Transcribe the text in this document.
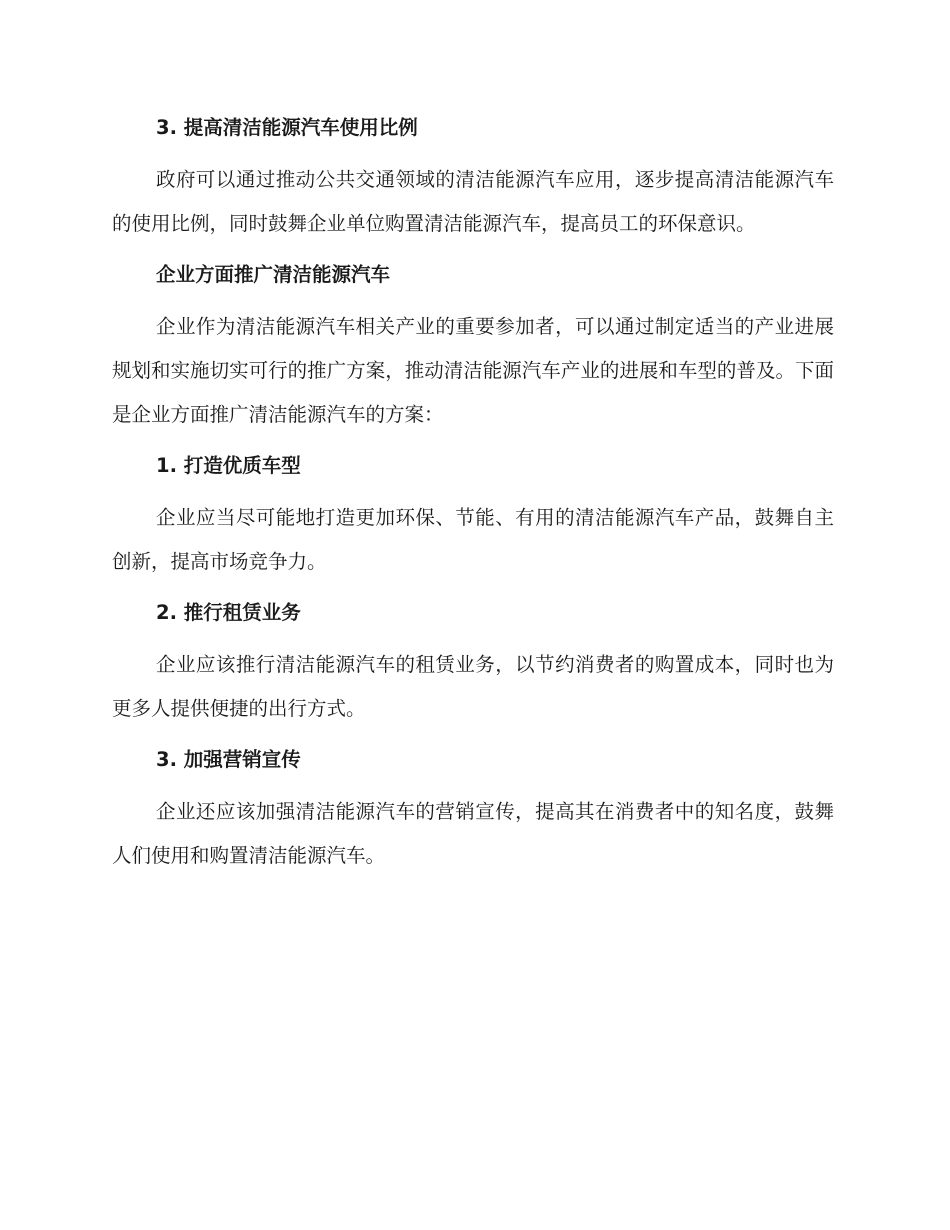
3. 提高清洁能源汽车使用比例

政府可以通过推动公共交通领域的清洁能源汽车应用，逐步提高清洁能源汽车的使用比例，同时鼓舞企业单位购置清洁能源汽车，提高员工的环保意识。

企业方面推广清洁能源汽车

企业作为清洁能源汽车相关产业的重要参加者，可以通过制定适当的产业进展规划和实施切实可行的推广方案，推动清洁能源汽车产业的进展和车型的普及。下面是企业方面推广清洁能源汽车的方案：

1. 打造优质车型

企业应当尽可能地打造更加环保、节能、有用的清洁能源汽车产品，鼓舞自主创新，提高市场竞争力。

2. 推行租赁业务

企业应该推行清洁能源汽车的租赁业务，以节约消费者的购置成本，同时也为更多人提供便捷的出行方式。

3. 加强营销宣传

企业还应该加强清洁能源汽车的营销宣传，提高其在消费者中的知名度，鼓舞人们使用和购置清洁能源汽车。
